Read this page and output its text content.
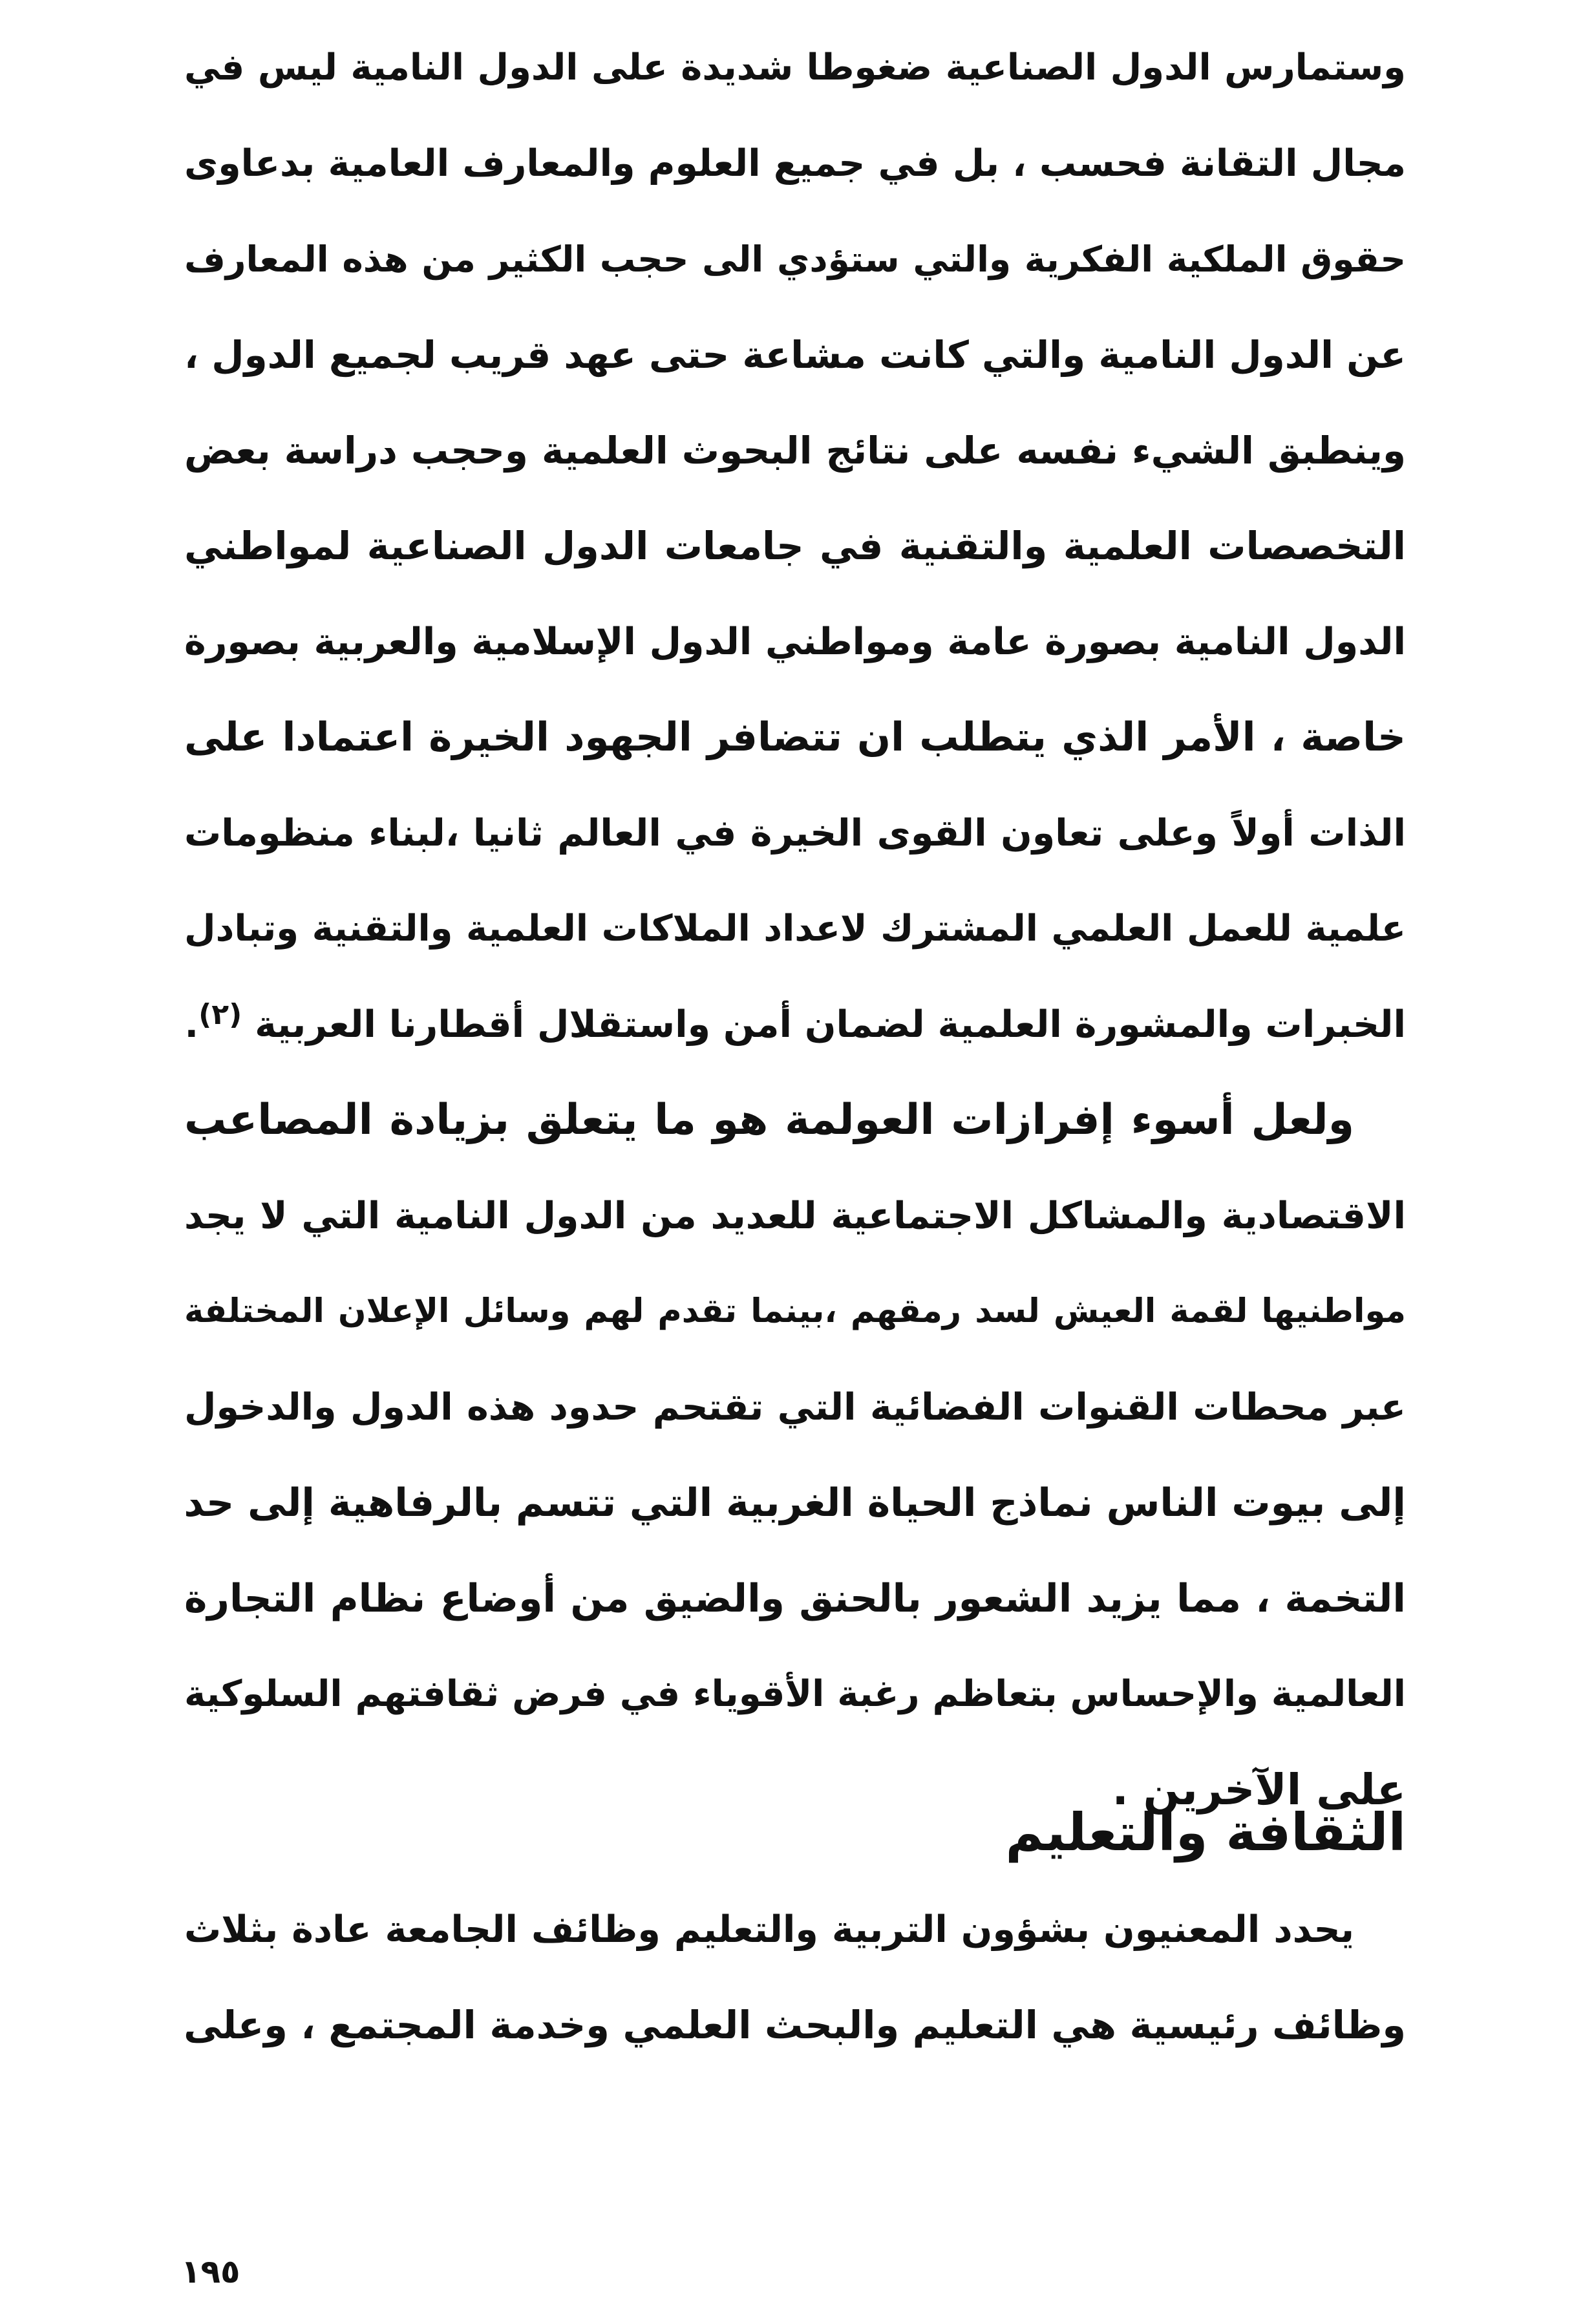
وستمارس الدول الصناعية ضغوطا شديدة على الدول النامية ليس في
مجال التقانة فحسب ، بل في جميع العلوم والمعارف العامية بدعاوى
حقوق الملكية الفكرية والتي ستؤدي الى حجب الكثير من هذه المعارف
عن الدول النامية والتي كانت مشاعة حتى عهد قريب لجميع الدول ،
وينطبق الشيء نفسه على نتائج البحوث العلمية وحجب دراسة بعض
التخصصات العلمية والتقنية في جامعات الدول الصناعية لمواطني
الدول النامية بصورة عامة ومواطني الدول الإسلامية والعربية بصورة
خاصة ، الأمر الذي يتطلب ان تتضافر الجهود الخيرة اعتمادا على
الذات أولاً وعلى تعاون القوى الخيرة في العالم ثانيا ،لبناء منظومات
علمية للعمل العلمي المشترك لاعداد الملاكات العلمية والتقنية وتبادل
الخبرات والمشورة العلمية لضمان أمن واستقلال أقطارنا العربية $^{(٢)}$.
ولعل أسوء إفرازات العولمة هو ما يتعلق بزيادة المصاعب
الاقتصادية والمشاكل الاجتماعية للعديد من الدول النامية التي لا يجد
مواطنيها لقمة العيش لسد رمقهم ،بينما تقدم لهم وسائل الإعلان المختلفة
عبر محطات القنوات الفضائية التي تقتحم حدود هذه الدول والدخول
إلى بيوت الناس نماذج الحياة الغربية التي تتسم بالرفاهية إلى حد
التخمة ، مما يزيد الشعور بالحنق والضيق من أوضاع نظام التجارة
العالمية والإحساس بتعاظم رغبة الأقوياء في فرض ثقافتهم السلوكية
على الآخرين .
الثقافة والتعليم
يحدد المعنيون بشؤون التربية والتعليم وظائف الجامعة عادة بثلاث
وظائف رئيسية هي التعليم والبحث العلمي وخدمة المجتمع ، وعلى
١٩٥
